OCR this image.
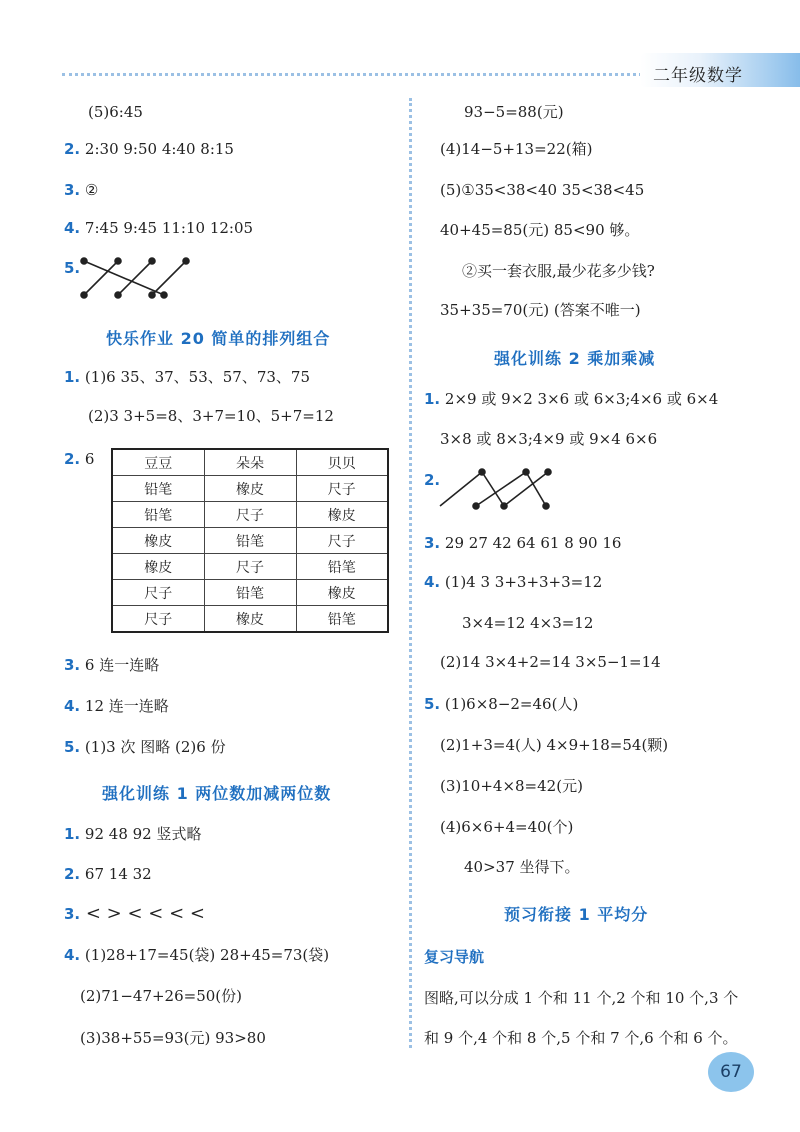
二年级数学
(5)6:45
2. 2:30 9:50 4:40 8:15
3. ②
4. 7:45 9:45 11:10 12:05
5.
快乐作业 20 简单的排列组合
1. (1)6 35、37、53、57、73、75
(2)3 3+5=8、3+7=10、5+7=12
2. 6	豆豆	朵朵	贝贝
铅笔	橡皮	尺子
铅笔	尺子	橡皮
橡皮	铅笔	尺子
橡皮	尺子	铅笔
尺子	铅笔	橡皮
尺子	橡皮	铅笔
3. 6 连一连略
4. 12 连一连略
5. (1)3 次 图略 (2)6 份
强化训练 1 两位数加减两位数
1. 92 48 92 竖式略
2. 67 14 32
3. < > < < < <
4. (1)28+17=45(袋) 28+45=73(袋)
(2)71−47+26=50(份)
(3)38+55=93(元) 93>80
93−5=88(元)
(4)14−5+13=22(箱)
(5)①35<38<40 35<38<45
40+45=85(元) 85<90 够。
②买一套衣服,最少花多少钱?
35+35=70(元) (答案不唯一)
强化训练 2 乘加乘减
1. 2×9 或 9×2 3×6 或 6×3;4×6 或 6×4
3×8 或 8×3;4×9 或 9×4 6×6
2.
3. 29 27 42 64 61 8 90 16
4. (1)4 3 3+3+3+3=12
3×4=12 4×3=12
(2)14 3×4+2=14 3×5−1=14
5. (1)6×8−2=46(人)
(2)1+3=4(人) 4×9+18=54(颗)
(3)10+4×8=42(元)
(4)6×6+4=40(个)
40>37 坐得下。
预习衔接 1 平均分
复习导航
图略,可以分成 1 个和 11 个,2 个和 10 个,3 个
和 9 个,4 个和 8 个,5 个和 7 个,6 个和 6 个。
67
